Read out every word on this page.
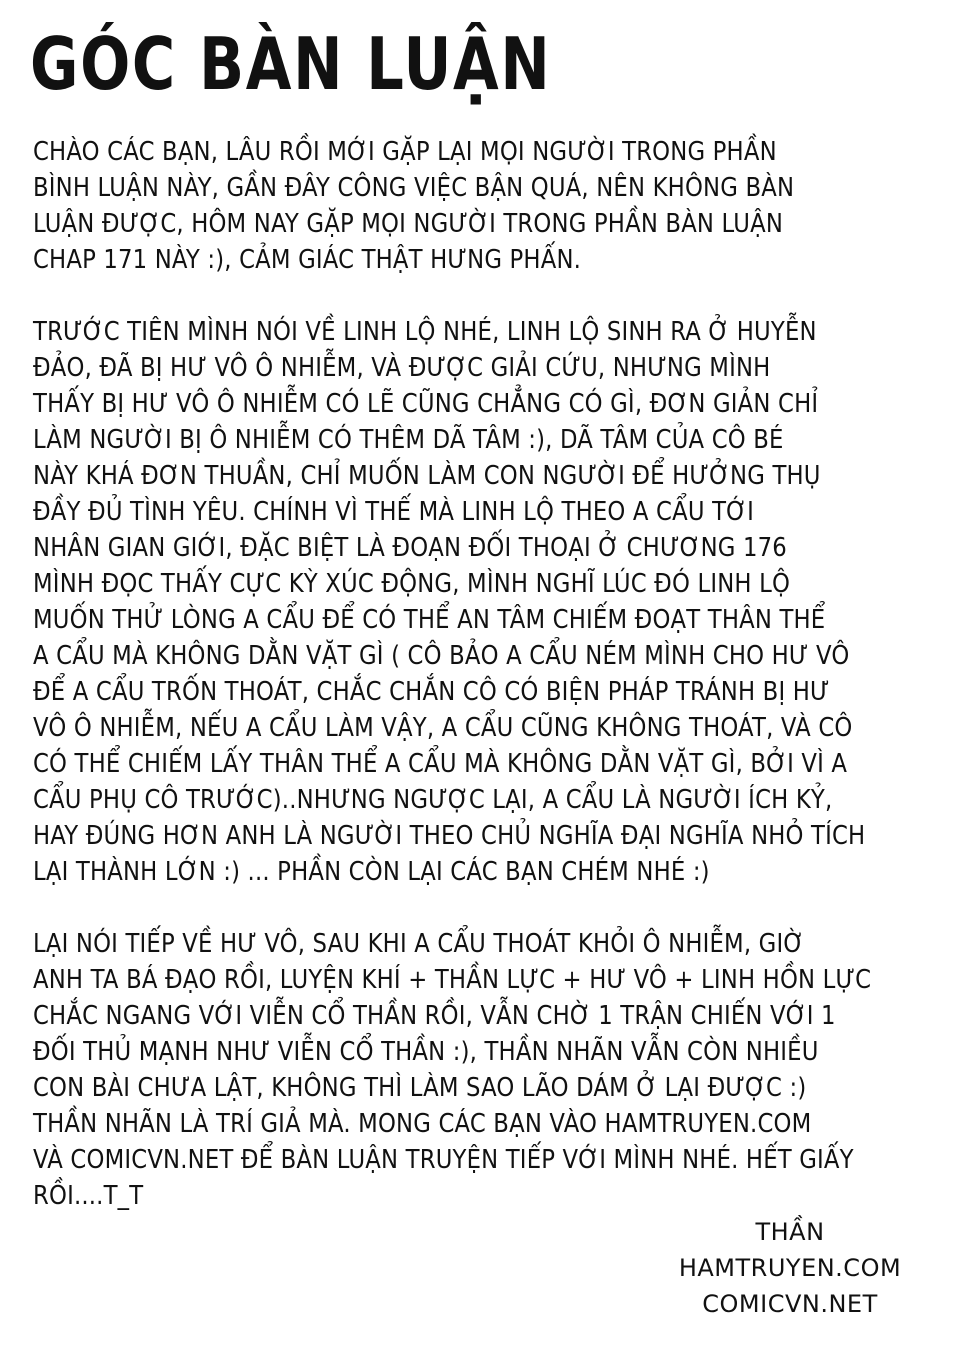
GÓC BÀN LUẬN
CHÀO CÁC BẠN, LÂU RỒI MỚI GẶP LẠI MỌI NGƯỜI TRONG PHẦN
BÌNH LUẬN NÀY, GẦN ĐÂY CÔNG VIỆC BẬN QUÁ, NÊN KHÔNG BÀN
LUẬN ĐƯỢC, HÔM NAY GẶP MỌI NGƯỜI TRONG PHẦN BÀN LUẬN
CHAP 171 NÀY :), CẢM GIÁC THẬT HƯNG PHẤN.
TRƯỚC TIÊN MÌNH NÓI VỀ LINH LỘ NHÉ, LINH LỘ SINH RA Ở HUYỄN
ĐẢO, ĐÃ BỊ HƯ VÔ Ô NHIỄM, VÀ ĐƯỢC GIẢI CỨU, NHƯNG MÌNH
THẤY BỊ HƯ VÔ Ô NHIỄM CÓ LẼ CŨNG CHẲNG CÓ GÌ, ĐƠN GIẢN CHỈ
LÀM NGƯỜI BỊ Ô NHIỄM CÓ THÊM DÃ TÂM :), DÃ TÂM CỦA CÔ BÉ
NÀY KHÁ ĐƠN THUẦN, CHỈ MUỐN LÀM CON NGƯỜI ĐỂ HƯỞNG THỤ
ĐẦY ĐỦ TÌNH YÊU. CHÍNH VÌ THẾ MÀ LINH LỘ THEO A CẨU TỚI
NHÂN GIAN GIỚI, ĐẶC BIỆT LÀ ĐOẠN ĐỐI THOẠI Ở CHƯƠNG 176
MÌNH ĐỌC THẤY CỰC KỲ XÚC ĐỘNG, MÌNH NGHĨ LÚC ĐÓ LINH LỘ
MUỐN THỬ LÒNG A CẨU ĐỂ CÓ THỂ AN TÂM CHIẾM ĐOẠT THÂN THỂ
A CẨU MÀ KHÔNG DẰN VẶT GÌ ( CÔ BẢO A CẨU NÉM MÌNH CHO HƯ VÔ
ĐỂ A CẨU TRỐN THOÁT, CHẮC CHẮN CÔ CÓ BIỆN PHÁP TRÁNH BỊ HƯ
VÔ Ô NHIỄM, NẾU A CẨU LÀM VẬY, A CẨU CŨNG KHÔNG THOÁT, VÀ CÔ
CÓ THỂ CHIẾM LẤY THÂN THỂ A CẨU MÀ KHÔNG DẰN VẶT GÌ, BỞI VÌ A
CẨU PHỤ CÔ TRƯỚC)..NHƯNG NGƯỢC LẠI, A CẨU LÀ NGƯỜI ÍCH KỶ,
HAY ĐÚNG HƠN ANH LÀ NGƯỜI THEO CHỦ NGHĨA ĐẠI NGHĨA NHỎ TÍCH
LẠI THÀNH LỚN :) ... PHẦN CÒN LẠI CÁC BẠN CHÉM NHÉ :)
LẠI NÓI TIẾP VỀ HƯ VÔ, SAU KHI A CẨU THOÁT KHỎI Ô NHIỄM, GIỜ
ANH TA BÁ ĐẠO RỒI, LUYỆN KHÍ + THẦN LỰC + HƯ VÔ + LINH HỒN LỰC
CHẮC NGANG VỚI VIỄN CỔ THẦN RỒI, VẪN CHỜ 1 TRẬN CHIẾN VỚI 1
ĐỐI THỦ MẠNH NHƯ VIỄN CỔ THẦN :), THẦN NHÃN VẪN CÒN NHIỀU
CON BÀI CHƯA LẬT, KHÔNG THÌ LÀM SAO LÃO DÁM Ở LẠI ĐƯỢC :)
THẦN NHÃN LÀ TRÍ GIẢ MÀ. MONG CÁC BẠN VÀO HAMTRUYEN.COM
VÀ COMICVN.NET ĐỂ BÀN LUẬN TRUYỆN TIẾP VỚI MÌNH NHÉ. HẾT GIẤY
RỒI....T_T
THẦN
HAMTRUYEN.COM
COMICVN.NET
